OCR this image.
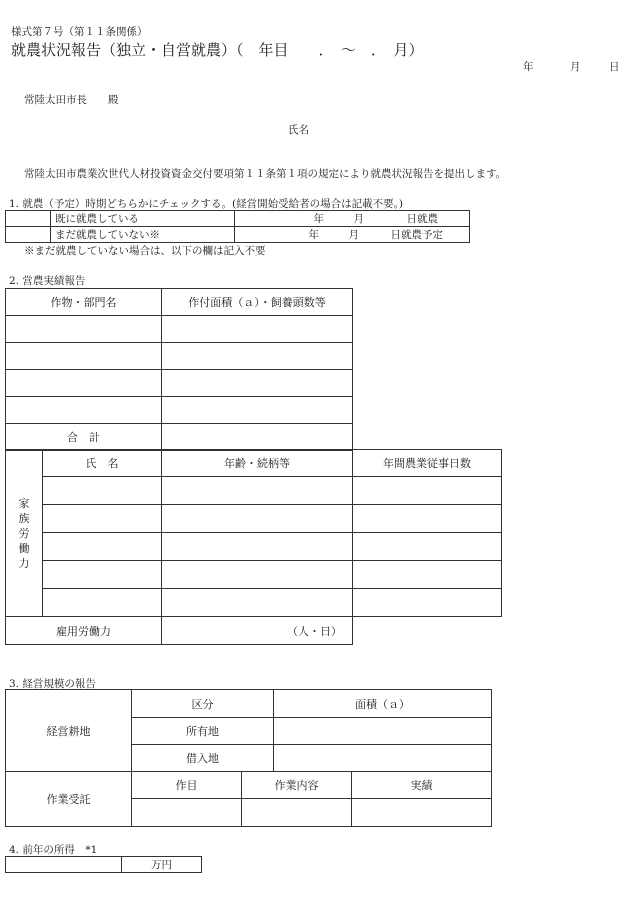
様式第７号（第１１条関係）
就農状況報告（独立・自営就農）（　年目　　．　～　．　月）
年	月	日
常陸太田市長　　殿
氏名
常陸太田市農業次世代人材投資資金交付要項第１１条第１項の規定により就農状況報告を提出します。
1. 就農（予定）時期どちらかにチェックする。(経営開始受給者の場合は記載不要。)
	既に就農している	年 月 日就農
	まだ就農していない※	年 月 日就農予定
※まだ就農していない場合は、以下の欄は記入不要
2. 営農実績報告
作物・部門名	作付面積（ａ）・飼養頭数等

合　計	
家族労働力	氏　名	年齢・続柄等	年間農業従事日数

雇用労働力	（人・日）
3. 経営規模の報告
経営耕地	区分	面積（ａ）
	所有地	
	借入地	
作業受託	作目	作業内容	実績

4. 前年の所得　*1
	万円
